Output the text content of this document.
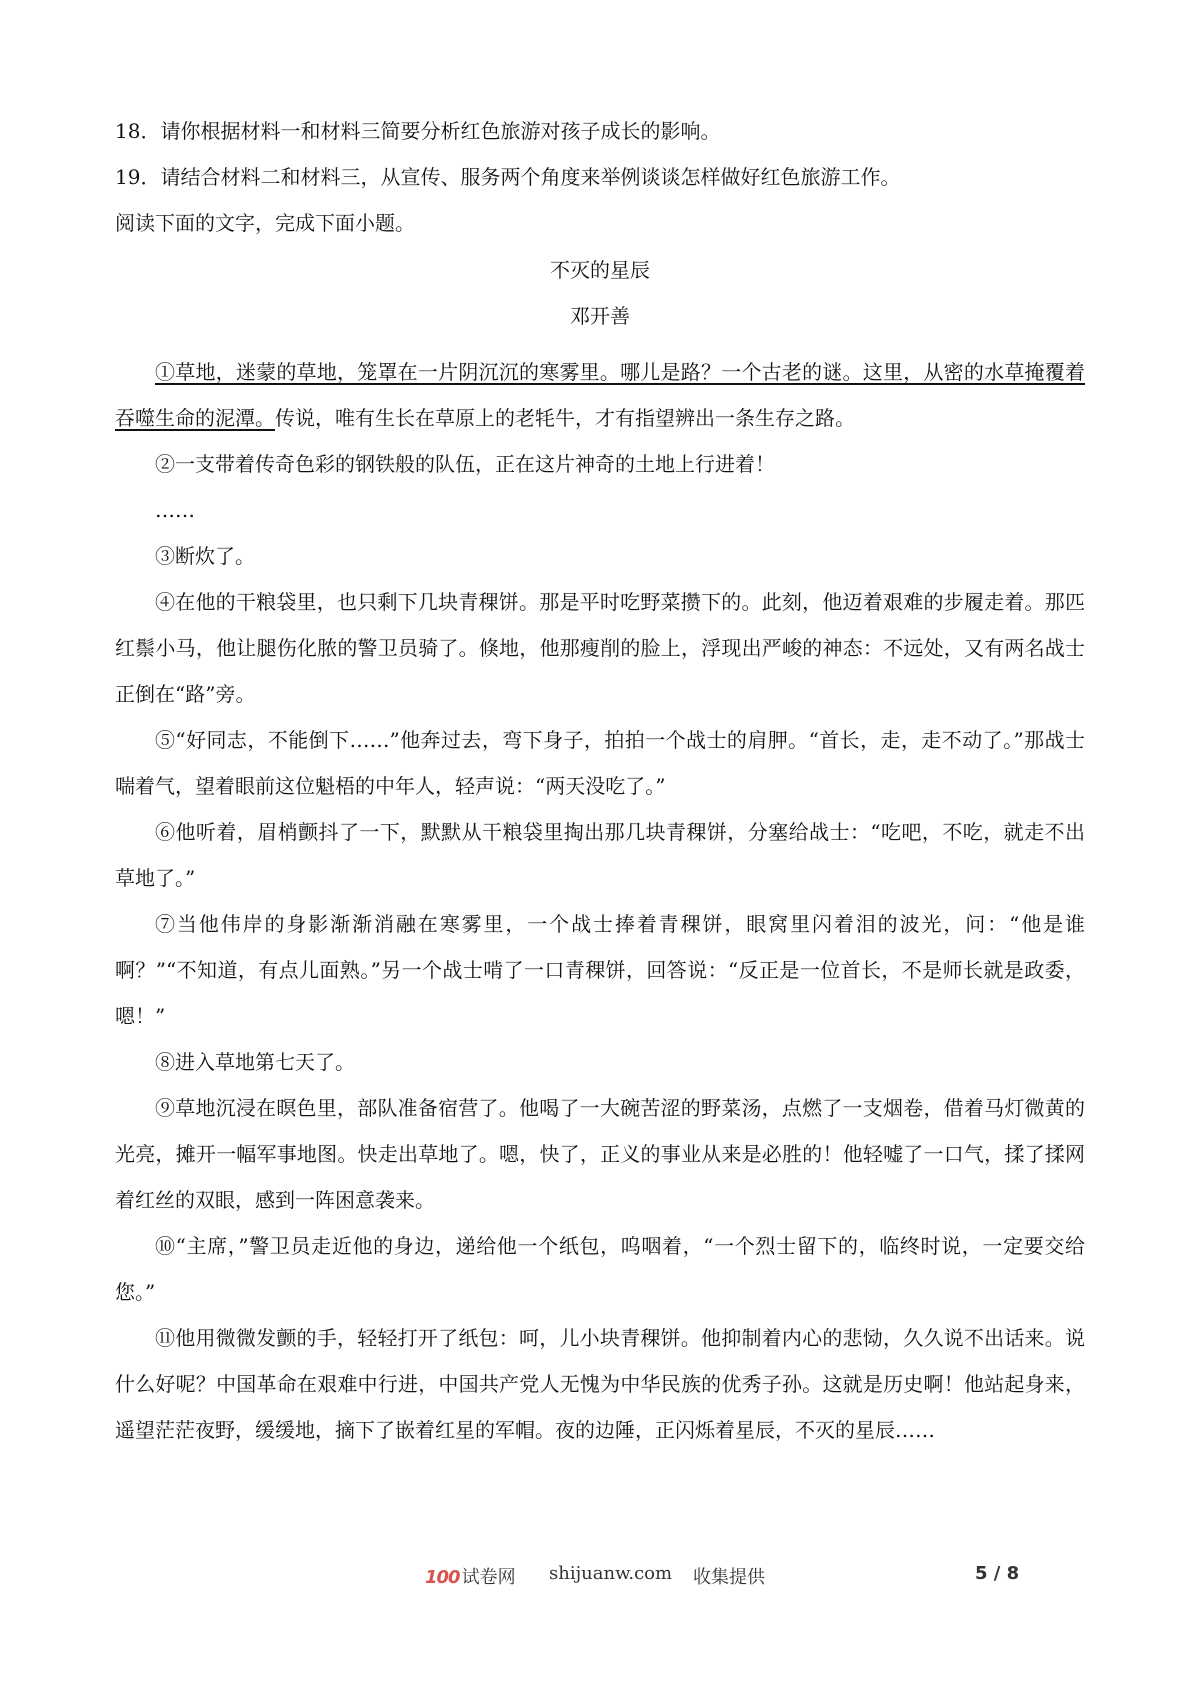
18．请你根据材料一和材料三简要分析红色旅游对孩子成长的影响。
19．请结合材料二和材料三，从宣传、服务两个角度来举例谈谈怎样做好红色旅游工作。
阅读下面的文字，完成下面小题。
不灭的星辰
邓开善

①草地，迷蒙的草地，笼罩在一片阴沉沉的寒雾里。哪儿是路？一个古老的谜。这里，从密的水草掩覆着吞噬生命的泥潭。传说，唯有生长在草原上的老牦牛，才有指望辨出一条生存之路。

②一支带着传奇色彩的钢铁般的队伍，正在这片神奇的土地上行进着！

……

③断炊了。

④在他的干粮袋里，也只剩下几块青稞饼。那是平时吃野菜攒下的。此刻，他迈着艰难的步履走着。那匹红鬃小马，他让腿伤化脓的警卫员骑了。倏地，他那瘦削的脸上，浮现出严峻的神态：不远处，又有两名战士正倒在“路”旁。

⑤“好同志，不能倒下……”他奔过去，弯下身子，拍拍一个战士的肩胛。“首长，走，走不动了。”那战士喘着气，望着眼前这位魁梧的中年人，轻声说：“两天没吃了。”

⑥他听着，眉梢颤抖了一下，默默从干粮袋里掏出那几块青稞饼，分塞给战士：“吃吧，不吃，就走不出草地了。”

⑦当他伟岸的身影渐渐消融在寒雾里，一个战士捧着青稞饼，眼窝里闪着泪的波光，问：“他是谁啊？”“不知道，有点儿面熟。”另一个战士啃了一口青稞饼，回答说：“反正是一位首长，不是师长就是政委，嗯！”

⑧进入草地第七天了。

⑨草地沉浸在暝色里，部队准备宿营了。他喝了一大碗苦涩的野菜汤，点燃了一支烟卷，借着马灯微黄的光亮，摊开一幅军事地图。快走出草地了。嗯，快了，正义的事业从来是必胜的！他轻嘘了一口气，揉了揉网着红丝的双眼，感到一阵困意袭来。

⑩“主席，”警卫员走近他的身边，递给他一个纸包，呜咽着，“一个烈士留下的，临终时说，一定要交给您。”

⑪他用微微发颤的手，轻轻打开了纸包：呵，儿小块青稞饼。他抑制着内心的悲恸，久久说不出话来。说什么好呢？中国革命在艰难中行进，中国共产党人无愧为中华民族的优秀子孙。这就是历史啊！他站起身来，遥望茫茫夜野，缓缓地，摘下了嵌着红星的军帽。夜的边陲，正闪烁着星辰，不灭的星辰……

100 试卷网 shijuanw.com 收集提供	5 / 8
